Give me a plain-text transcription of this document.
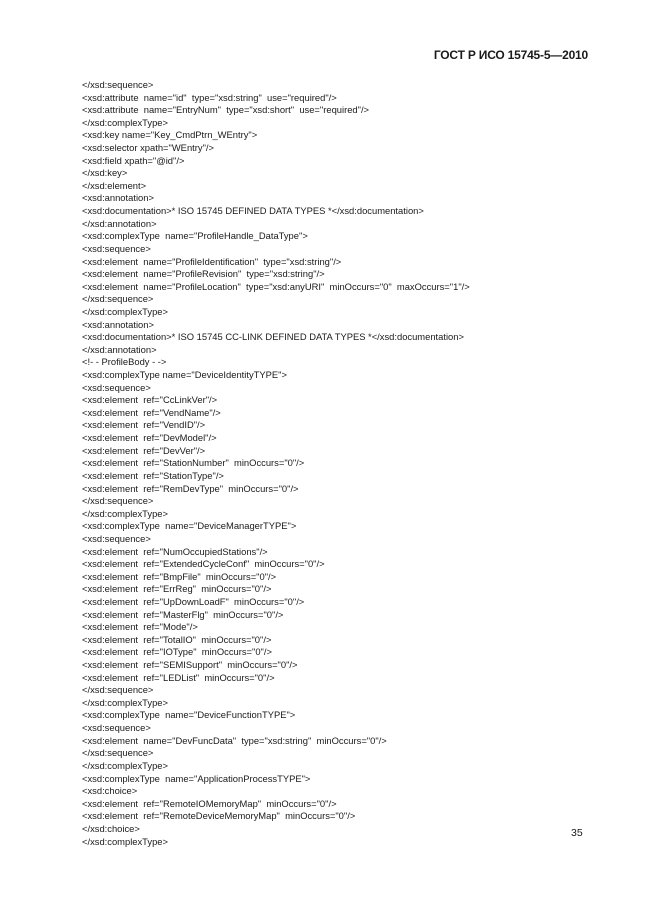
ГОСТ Р ИСО 15745-5—2010
</xsd:sequence>
<xsd:attribute  name="id"  type="xsd:string"  use="required"/>
<xsd:attribute  name="EntryNum"  type="xsd:short"  use="required"/>
</xsd:complexType>
<xsd:key name="Key_CmdPtrn_WEntry">
<xsd:selector xpath="WEntry"/>
<xsd:field xpath="@id"/>
</xsd:key>
</xsd:element>
<xsd:annotation>
<xsd:documentation>* ISO 15745 DEFINED DATA TYPES *</xsd:documentation>
</xsd:annotation>
<xsd:complexType  name="ProfileHandle_DataType">
<xsd:sequence>
<xsd:element  name="ProfileIdentification"  type="xsd:string"/>
<xsd:element  name="ProfileRevision"  type="xsd:string"/>
<xsd:element  name="ProfileLocation"  type="xsd:anyURI"  minOccurs="0"  maxOccurs="1"/>
</xsd:sequence>
</xsd:complexType>
<xsd:annotation>
<xsd:documentation>* ISO 15745 CC-LINK DEFINED DATA TYPES *</xsd:documentation>
</xsd:annotation>
<!- - ProfileBody - ->
<xsd:complexType name="DeviceIdentityTYPE">
<xsd:sequence>
<xsd:element  ref="CcLinkVer"/>
<xsd:element  ref="VendName"/>
<xsd:element  ref="VendID"/>
<xsd:element  ref="DevModel"/>
<xsd:element  ref="DevVer"/>
<xsd:element  ref="StationNumber"  minOccurs="0"/>
<xsd:element  ref="StationType"/>
<xsd:element  ref="RemDevType"  minOccurs="0"/>
</xsd:sequence>
</xsd:complexType>
<xsd:complexType  name="DeviceManagerTYPE">
<xsd:sequence>
<xsd:element  ref="NumOccupiedStations"/>
<xsd:element  ref="ExtendedCycleConf"  minOccurs="0"/>
<xsd:element  ref="BmpFile"  minOccurs="0"/>
<xsd:element  ref="ErrReg"  minOccurs="0"/>
<xsd:element  ref="UpDownLoadF"  minOccurs="0"/>
<xsd:element  ref="MasterFlg"  minOccurs="0"/>
<xsd:element  ref="Mode"/>
<xsd:element  ref="TotalIO"  minOccurs="0"/>
<xsd:element  ref="IOType"  minOccurs="0"/>
<xsd:element  ref="SEMISupport"  minOccurs="0"/>
<xsd:element  ref="LEDList"  minOccurs="0"/>
</xsd:sequence>
</xsd:complexType>
<xsd:complexType  name="DeviceFunctionTYPE">
<xsd:sequence>
<xsd:element  name="DevFuncData"  type="xsd:string"  minOccurs="0"/>
</xsd:sequence>
</xsd:complexType>
<xsd:complexType  name="ApplicationProcessTYPE">
<xsd:choice>
<xsd:element  ref="RemoteIOMemoryMap"  minOccurs="0"/>
<xsd:element  ref="RemoteDeviceMemoryMap"  minOccurs="0"/>
</xsd:choice>
</xsd:complexType>
35
